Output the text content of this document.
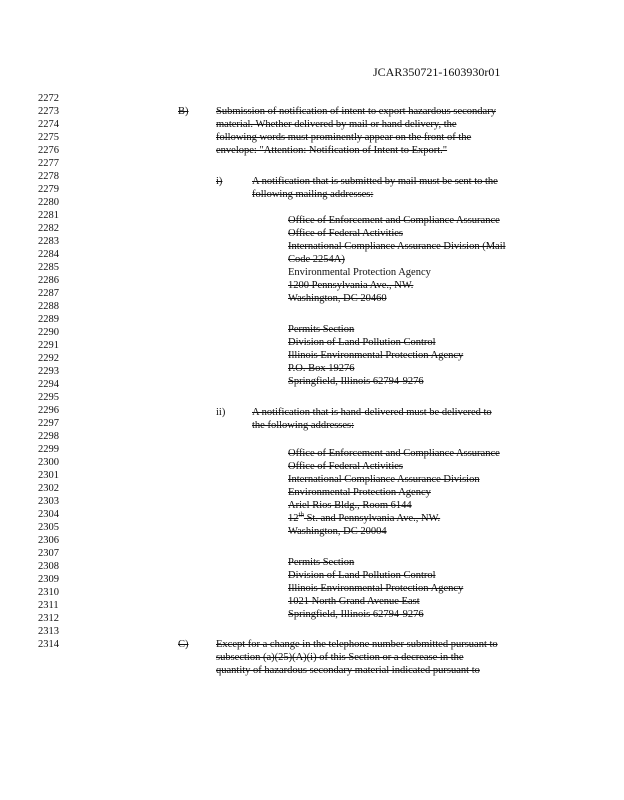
JCAR350721-1603930r01
2272
2273
2274
2275
2276
2277
2278
2279
2280
2281
2282
2283
2284
2285
2286
2287
2288
2289
2290
2291
2292
2293
2294
2295
2296
2297
2298
2299
2300
2301
2302
2303
2304
2305
2306
2307
2308
2309
2310
2311
2312
2313
2314
B)	Submission of notification of intent to export hazardous secondary
material. Whether delivered by mail or hand delivery, the
following words must prominently appear on the front of the
envelope: "Attention: Notification of Intent to Export."
i)	A notification that is submitted by mail must be sent to the
following mailing addresses:
Office of Enforcement and Compliance Assurance
Office of Federal Activities
International Compliance Assurance Division (Mail
Code 2254A)
Environmental Protection Agency
1200 Pennsylvania Ave., NW.
Washington, DC 20460
Permits Section
Division of Land Pollution Control
Illinois Environmental Protection Agency
P.O. Box 19276
Springfield, Illinois 62794-9276
ii)	A notification that is hand-delivered must be delivered to
the following addresses:
Office of Enforcement and Compliance Assurance
Office of Federal Activities
International Compliance Assurance Division
Environmental Protection Agency
Ariel Rios Bldg., Room 6144
12th St. and Pennsylvania Ave., NW.
Washington, DC 20004
Permits Section
Division of Land Pollution Control
Illinois Environmental Protection Agency
1021 North Grand Avenue East
Springfield, Illinois 62794-9276
C)	Except for a change in the telephone number submitted pursuant to
subsection (a)(25)(A)(i) of this Section or a decrease in the
quantity of hazardous secondary material indicated pursuant to
